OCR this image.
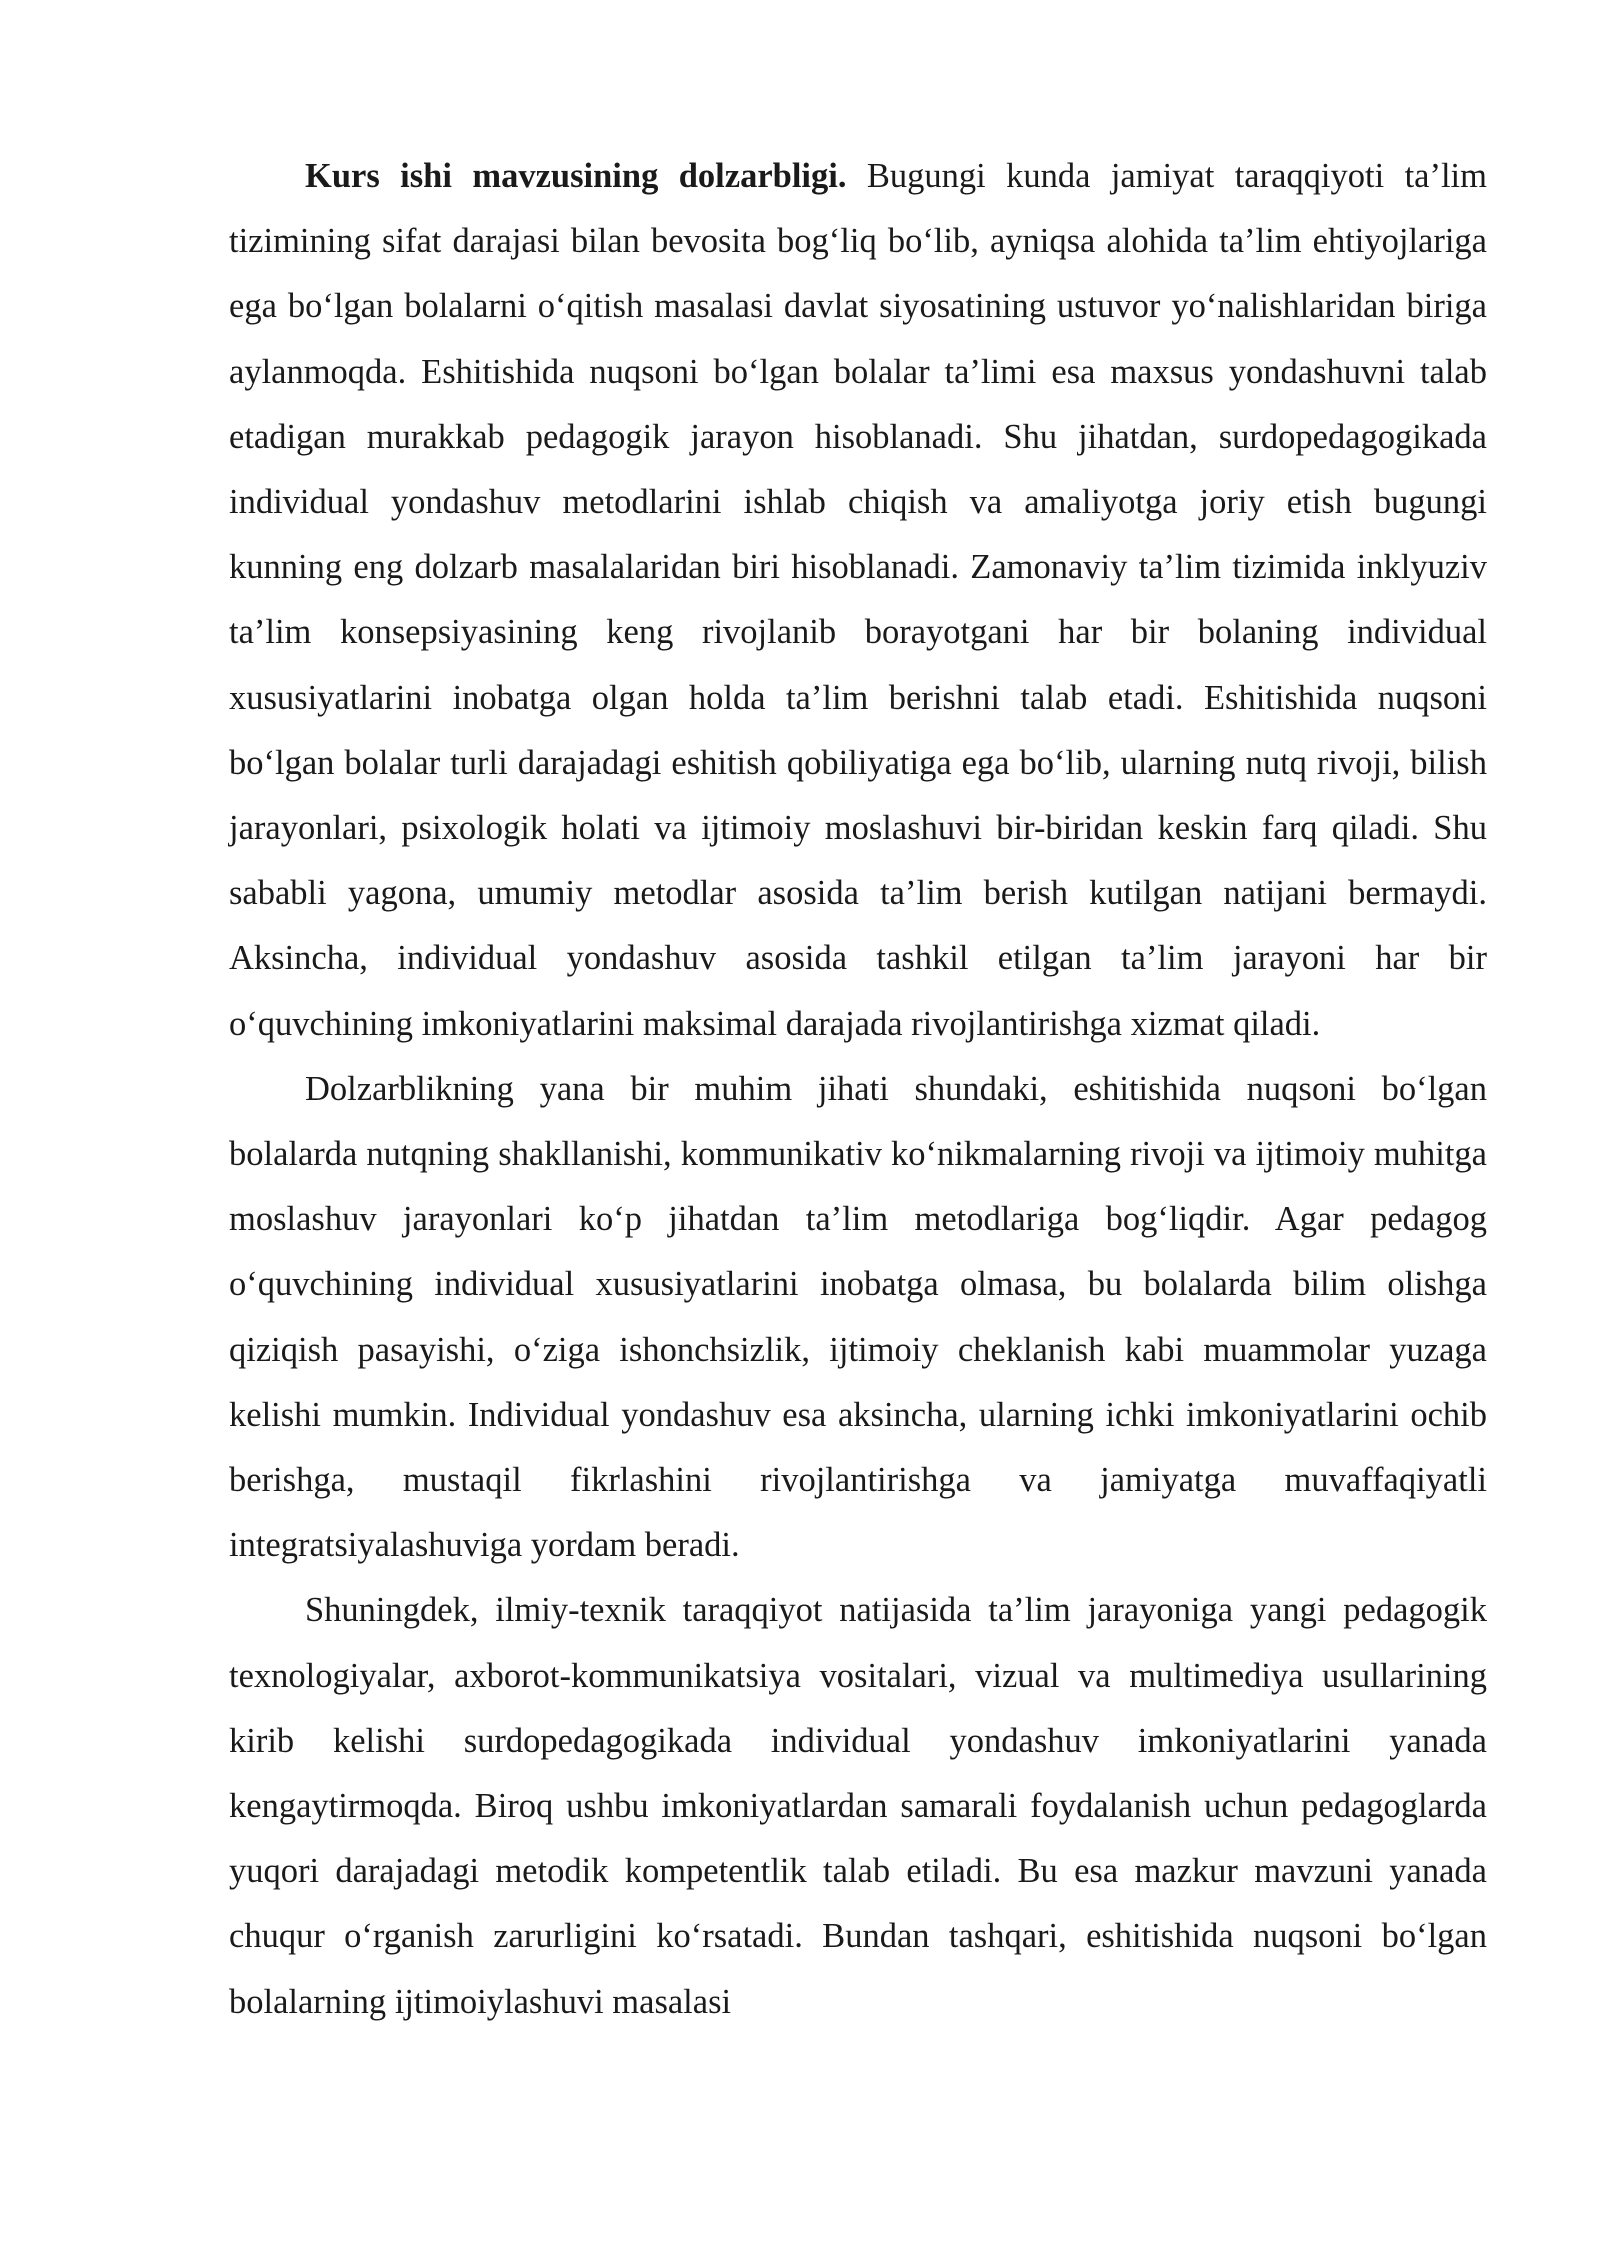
Kurs ishi mavzusining dolzarbligi. Bugungi kunda jamiyat taraqqiyoti ta’lim tizimining sifat darajasi bilan bevosita bog‘liq bo‘lib, ayniqsa alohida ta’lim ehtiyojlariga ega bo‘lgan bolalarni o‘qitish masalasi davlat siyosatining ustuvor yo‘nalishlaridan biriga aylanmoqda. Eshitishida nuqsoni bo‘lgan bolalar ta’limi esa maxsus yondashuvni talab etadigan murakkab pedagogik jarayon hisoblanadi. Shu jihatdan, surdopedagogikada individual yondashuv metodlarini ishlab chiqish va amaliyotga joriy etish bugungi kunning eng dolzarb masalalaridan biri hisoblanadi. Zamonaviy ta’lim tizimida inklyuziv ta’lim konsepsiyasining keng rivojlanib borayotgani har bir bolaning individual xususiyatlarini inobatga olgan holda ta’lim berishni talab etadi. Eshitishida nuqsoni bo‘lgan bolalar turli darajadagi eshitish qobiliyatiga ega bo‘lib, ularning nutq rivoji, bilish jarayonlari, psixologik holati va ijtimoiy moslashuvi bir-biridan keskin farq qiladi. Shu sababli yagona, umumiy metodlar asosida ta’lim berish kutilgan natijani bermaydi. Aksincha, individual yondashuv asosida tashkil etilgan ta’lim jarayoni har bir o‘quvchining imkoniyatlarini maksimal darajada rivojlantirishga xizmat qiladi.

Dolzarblikning yana bir muhim jihati shundaki, eshitishida nuqsoni bo‘lgan bolalarda nutqning shakllanishi, kommunikativ ko‘nikmalarning rivoji va ijtimoiy muhitga moslashuv jarayonlari ko‘p jihatdan ta’lim metodlariga bog‘liqdir. Agar pedagog o‘quvchining individual xususiyatlarini inobatga olmasa, bu bolalarda bilim olishga qiziqish pasayishi, o‘ziga ishonchsizlik, ijtimoiy cheklanish kabi muammolar yuzaga kelishi mumkin. Individual yondashuv esa aksincha, ularning ichki imkoniyatlarini ochib berishga, mustaqil fikrlashini rivojlantirishga va jamiyatga muvaffaqiyatli integratsiyalashuviga yordam beradi.

Shuningdek, ilmiy-texnik taraqqiyot natijasida ta’lim jarayoniga yangi pedagogik texnologiyalar, axborot-kommunikatsiya vositalari, vizual va multimediya usullarining kirib kelishi surdopedagogikada individual yondashuv imkoniyatlarini yanada kengaytirmoqda. Biroq ushbu imkoniyatlardan samarali foydalanish uchun pedagoglarda yuqori darajadagi metodik kompetentlik talab etiladi. Bu esa mazkur mavzuni yanada chuqur o‘rganish zarurligini ko‘rsatadi. Bundan tashqari, eshitishida nuqsoni bo‘lgan bolalarning ijtimoiylashuvi masalasi
